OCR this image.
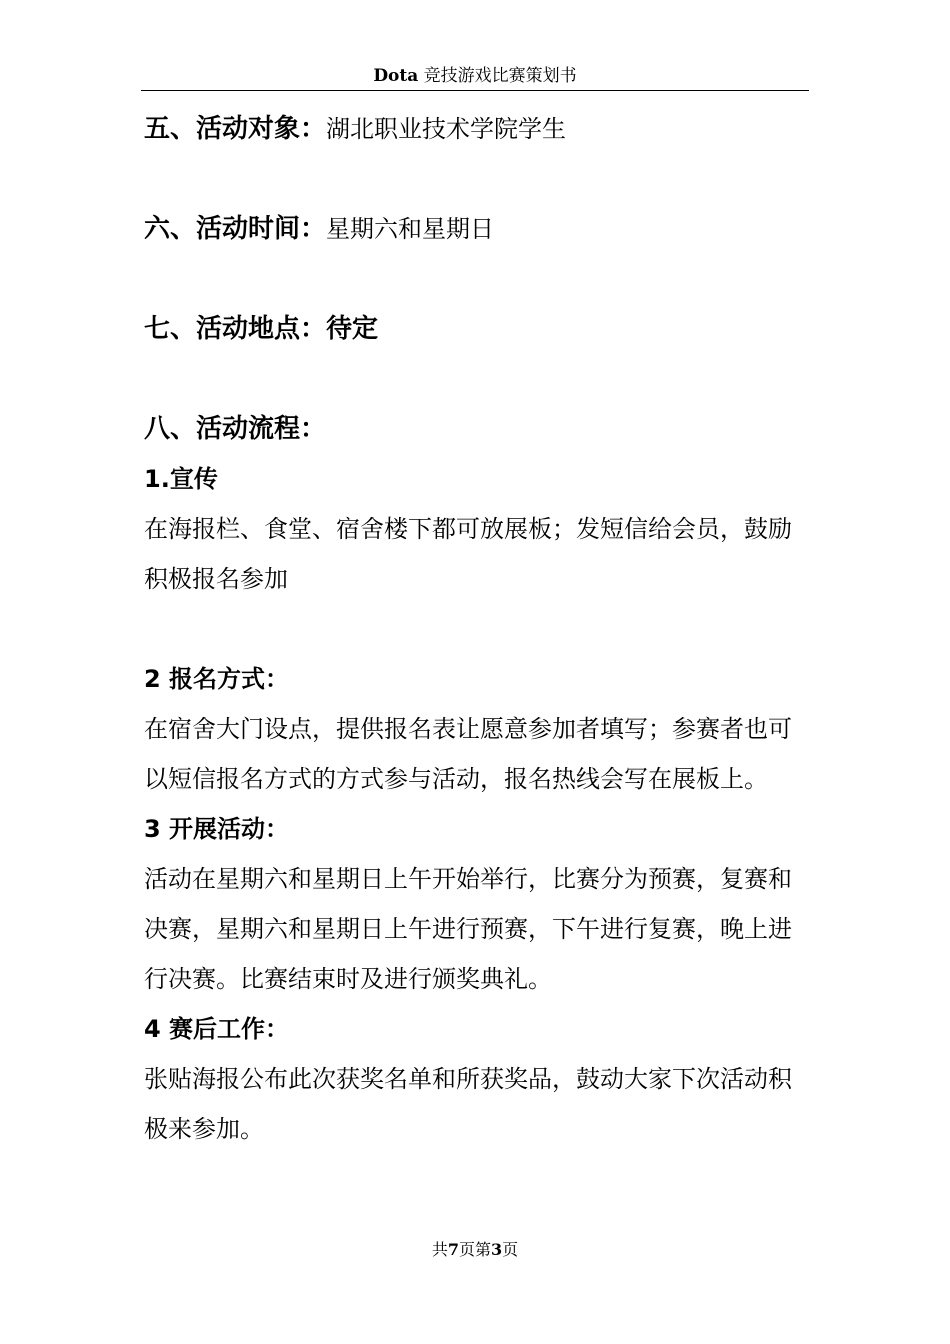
Dota 竞技游戏比赛策划书
五、活动对象：湖北职业技术学院学生
六、活动时间：星期六和星期日
七、活动地点：待定
八、活动流程：
1.宣传

在海报栏、食堂、宿舍楼下都可放展板；发短信给会员，鼓励积极报名参加

2 报名方式：

在宿舍大门设点，提供报名表让愿意参加者填写；参赛者也可以短信报名方式的方式参与活动，报名热线会写在展板上。

3 开展活动：

活动在星期六和星期日上午开始举行，比赛分为预赛，复赛和决赛，星期六和星期日上午进行预赛，下午进行复赛，晚上进行决赛。比赛结束时及进行颁奖典礼。

4 赛后工作：

张贴海报公布此次获奖名单和所获奖品，鼓动大家下次活动积极来参加。

共7页第3页
